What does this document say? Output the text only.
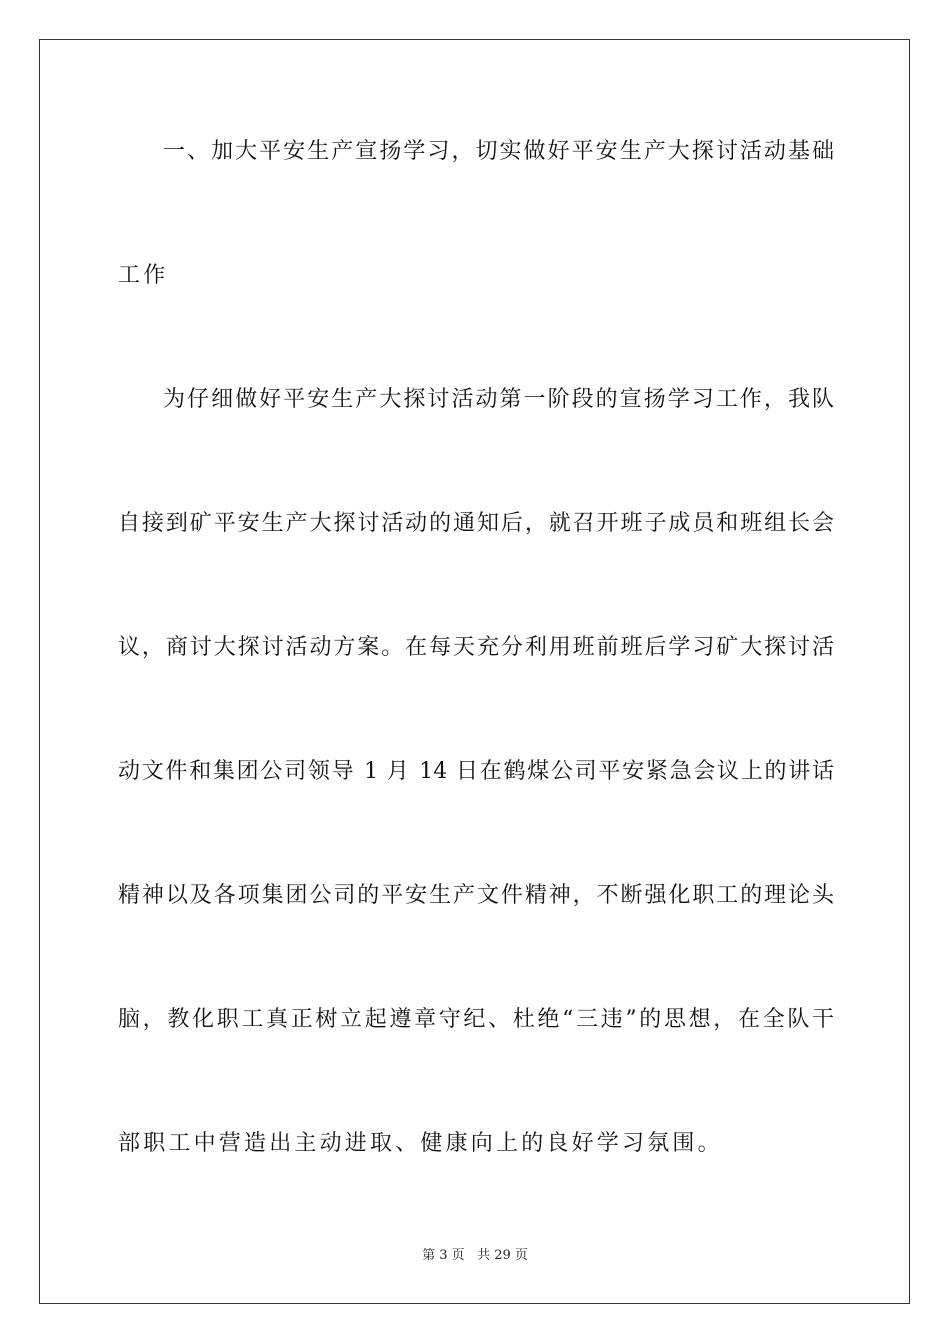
一、加大平安生产宣扬学习，切实做好平安生产大探讨活动基础
工作
为仔细做好平安生产大探讨活动第一阶段的宣扬学习工作，我队
自接到矿平安生产大探讨活动的通知后，就召开班子成员和班组长会
议，商讨大探讨活动方案。在每天充分利用班前班后学习矿大探讨活
动文件和集团公司领导 1 月 14 日在鹤煤公司平安紧急会议上的讲话
精神以及各项集团公司的平安生产文件精神，不断强化职工的理论头
脑，教化职工真正树立起遵章守纪、杜绝“三违”的思想，在全队干
部职工中营造出主动进取、健康向上的良好学习氛围。
第 3 页 共 29 页
